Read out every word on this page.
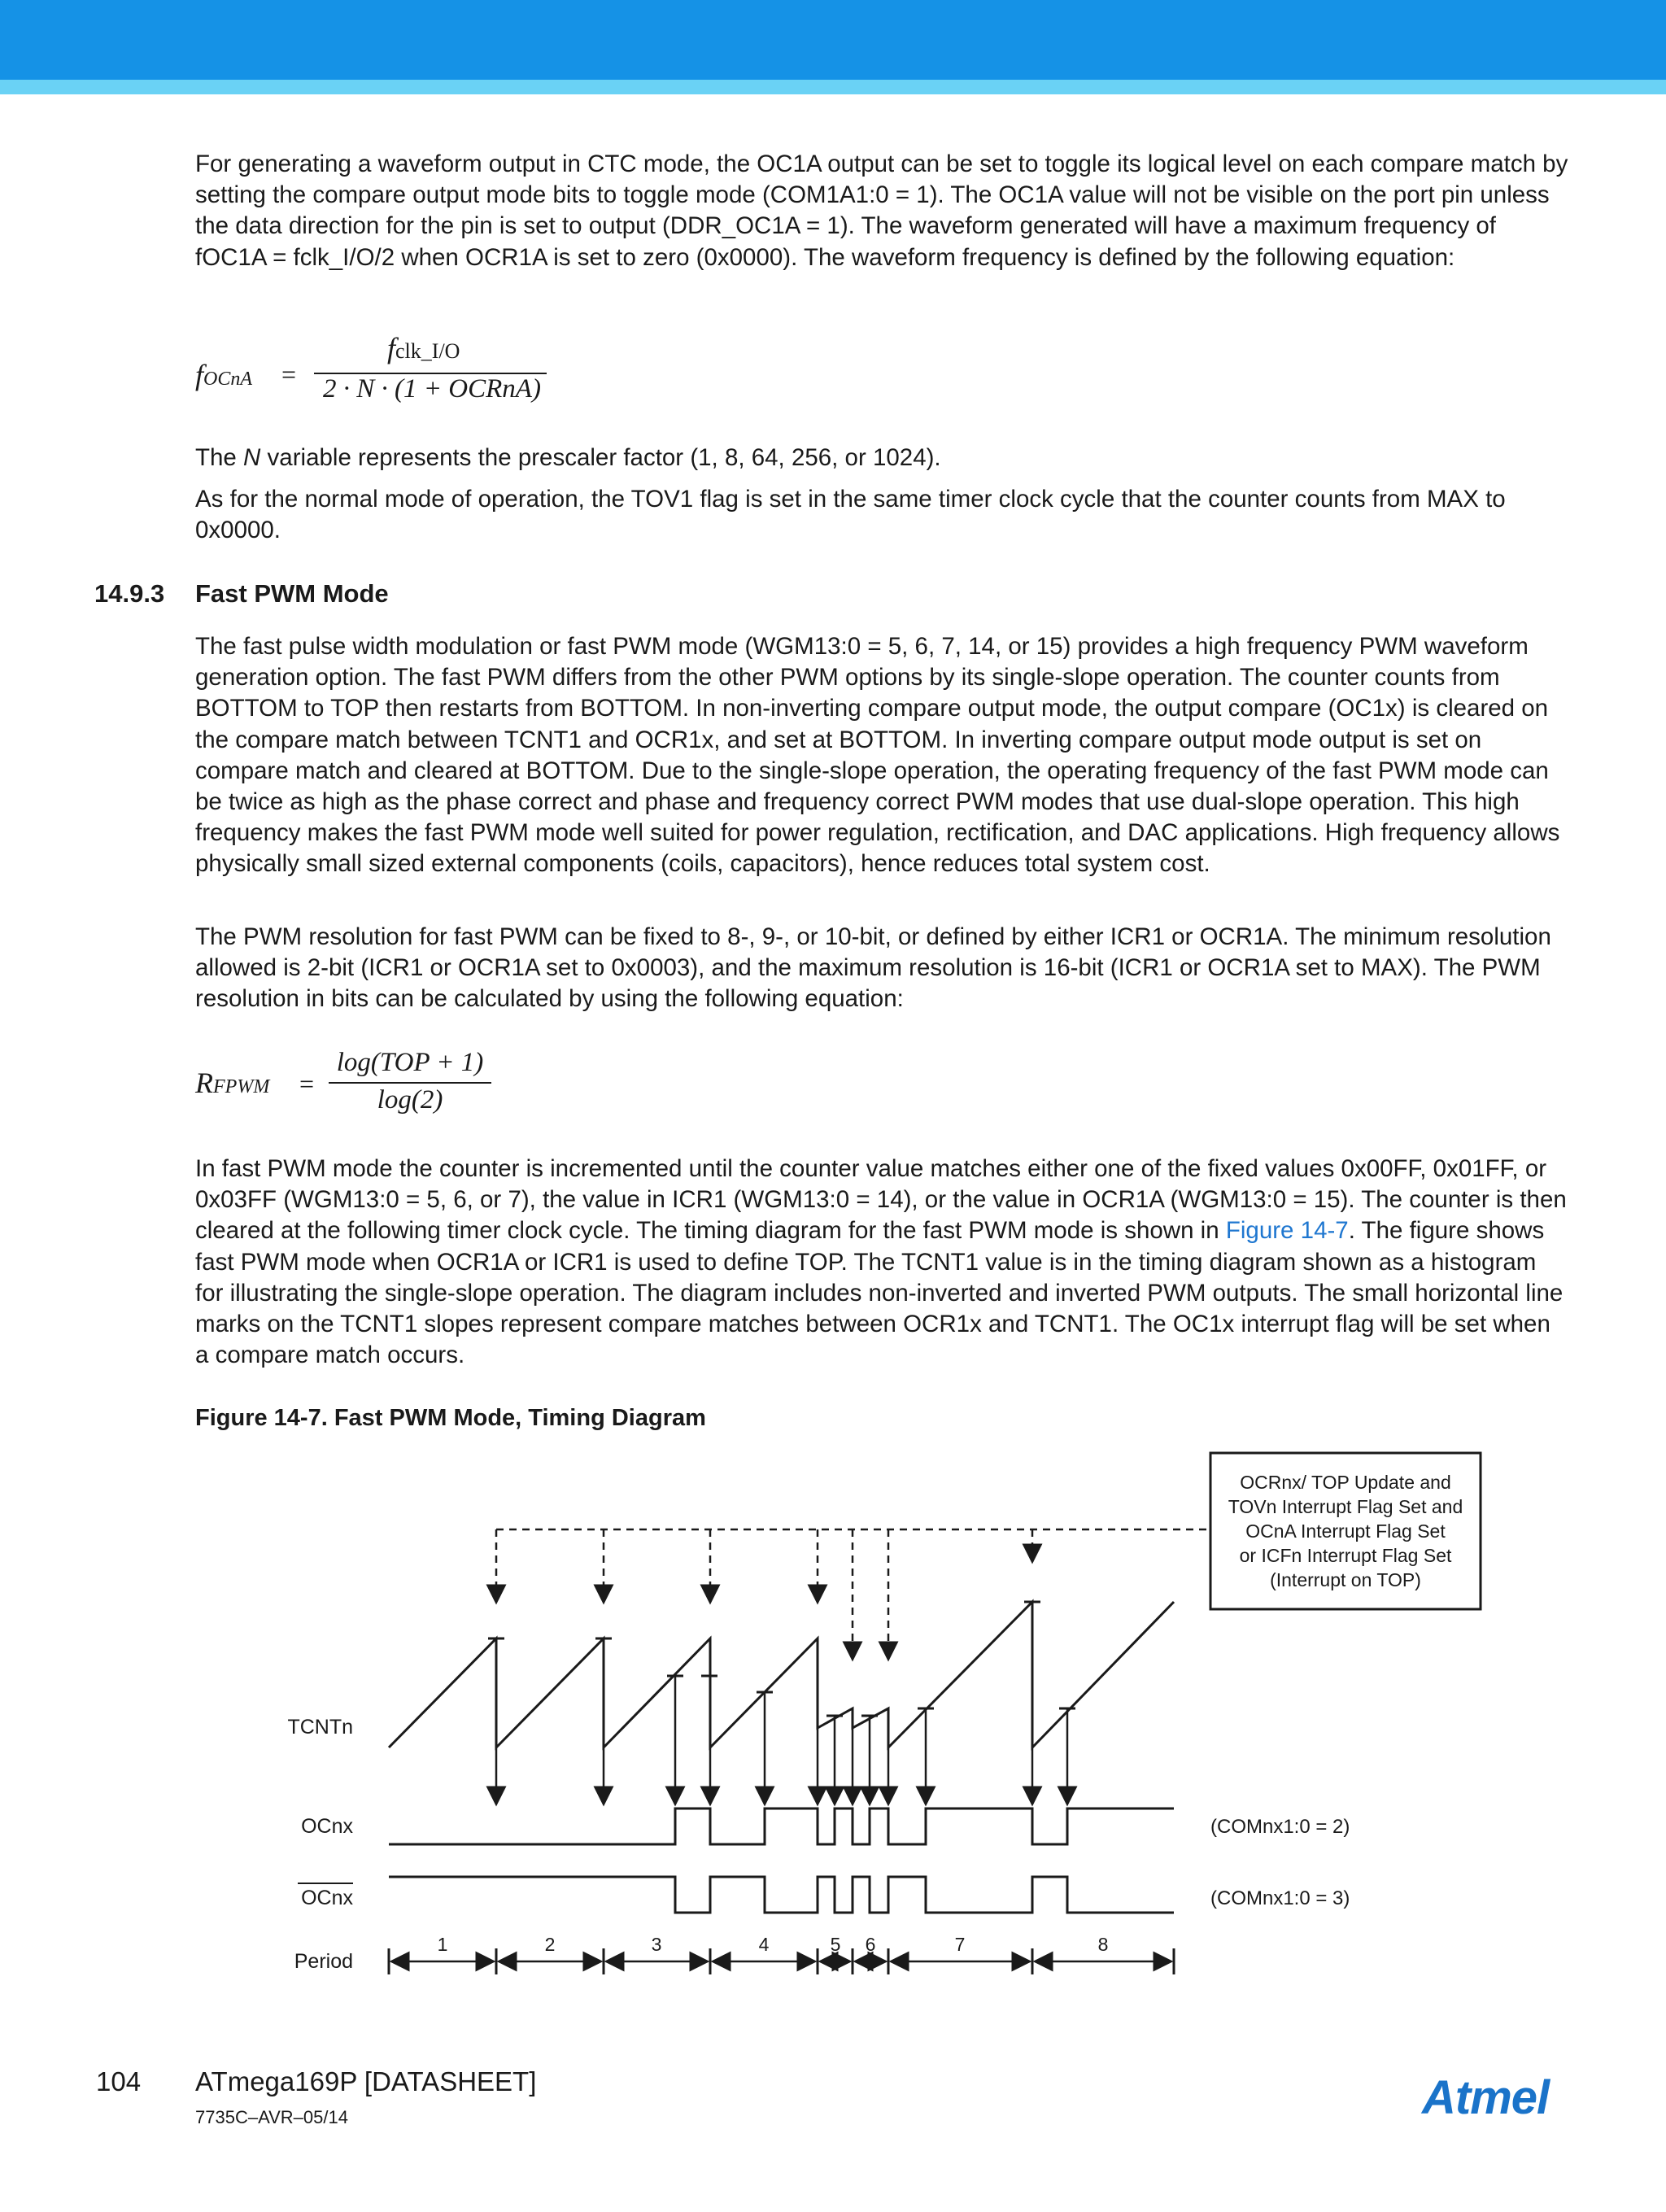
For generating a waveform output in CTC mode, the OC1A output can be set to toggle its logical level on each compare match by setting the compare output mode bits to toggle mode (COM1A1:0 = 1). The OC1A value will not be visible on the port pin unless the data direction for the pin is set to output (DDR_OC1A = 1). The waveform generated will have a maximum frequency of fOC1A = fclk_I/O/2 when OCR1A is set to zero (0x0000). The waveform frequency is defined by the following equation:

fOCnA =
fclk_I/O
2 · N · (1 + OCRnA)

The N variable represents the prescaler factor (1, 8, 64, 256, or 1024).

As for the normal mode of operation, the TOV1 flag is set in the same timer clock cycle that the counter counts from MAX to 0x0000.

14.9.3 Fast PWM Mode

The fast pulse width modulation or fast PWM mode (WGM13:0 = 5, 6, 7, 14, or 15) provides a high frequency PWM waveform generation option. The fast PWM differs from the other PWM options by its single-slope operation. The counter counts from BOTTOM to TOP then restarts from BOTTOM. In non-inverting compare output mode, the output compare (OC1x) is cleared on the compare match between TCNT1 and OCR1x, and set at BOTTOM. In inverting compare output mode output is set on compare match and cleared at BOTTOM. Due to the single-slope operation, the operating frequency of the fast PWM mode can be twice as high as the phase correct and phase and frequency correct PWM modes that use dual-slope operation. This high frequency makes the fast PWM mode well suited for power regulation, rectification, and DAC applications. High frequency allows physically small sized external components (coils, capacitors), hence reduces total system cost.

The PWM resolution for fast PWM can be fixed to 8-, 9-, or 10-bit, or defined by either ICR1 or OCR1A. The minimum resolution allowed is 2-bit (ICR1 or OCR1A set to 0x0003), and the maximum resolution is 16-bit (ICR1 or OCR1A set to MAX). The PWM resolution in bits can be calculated by using the following equation:

RFPWM =
log(TOP + 1)
log(2)

In fast PWM mode the counter is incremented until the counter value matches either one of the fixed values 0x00FF, 0x01FF, or 0x03FF (WGM13:0 = 5, 6, or 7), the value in ICR1 (WGM13:0 = 14), or the value in OCR1A (WGM13:0 = 15). The counter is then cleared at the following timer clock cycle. The timing diagram for the fast PWM mode is shown in Figure 14-7. The figure shows fast PWM mode when OCR1A or ICR1 is used to define TOP. The TCNT1 value is in the timing diagram shown as a histogram for illustrating the single-slope operation. The diagram includes non-inverted and inverted PWM outputs. The small horizontal line marks on the TCNT1 slopes represent compare matches between OCR1x and TCNT1. The OC1x interrupt flag will be set when a compare match occurs.

Figure 14-7. Fast PWM Mode, Timing Diagram
OCRnx/ TOP Update and
TOVn Interrupt Flag Set and
OCnA Interrupt Flag Set
or ICFn Interrupt Flag Set
(Interrupt on TOP)
TCNTn
OCnx
OCnx
Period
(COMnx1:0 = 2)
(COMnx1:0 = 3)
1	2	3	4	5 6	7	8
104 ATmega169P [DATASHEET]
7735C–AVR–05/14	Atmel
